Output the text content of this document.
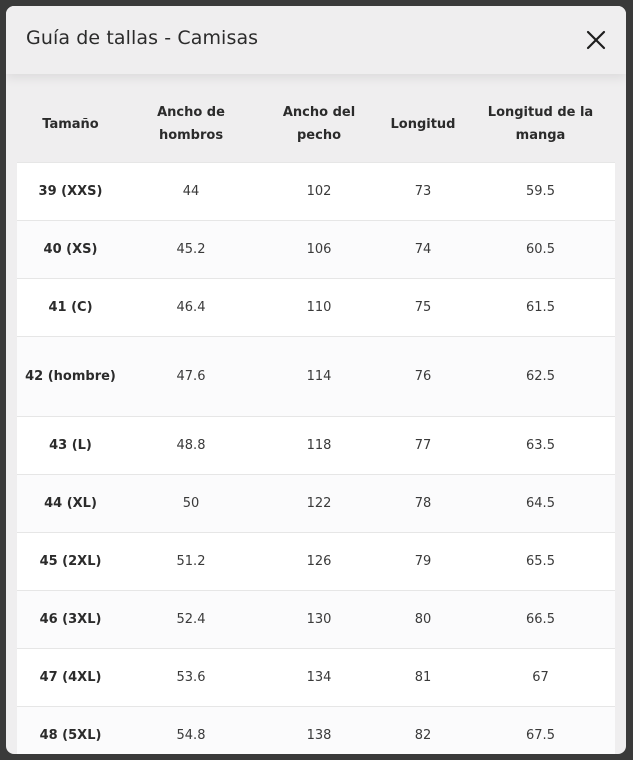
Guía de tallas - Camisas
Tamaño	Ancho de hombros	Ancho del pecho	Longitud	Longitud de la manga
39 (XXS)	44	102	73	59.5
40 (XS)	45.2	106	74	60.5
41 (C)	46.4	110	75	61.5
42 (hombre)	47.6	114	76	62.5
43 (L)	48.8	118	77	63.5
44 (XL)	50	122	78	64.5
45 (2XL)	51.2	126	79	65.5
46 (3XL)	52.4	130	80	66.5
47 (4XL)	53.6	134	81	67
48 (5XL)	54.8	138	82	67.5
